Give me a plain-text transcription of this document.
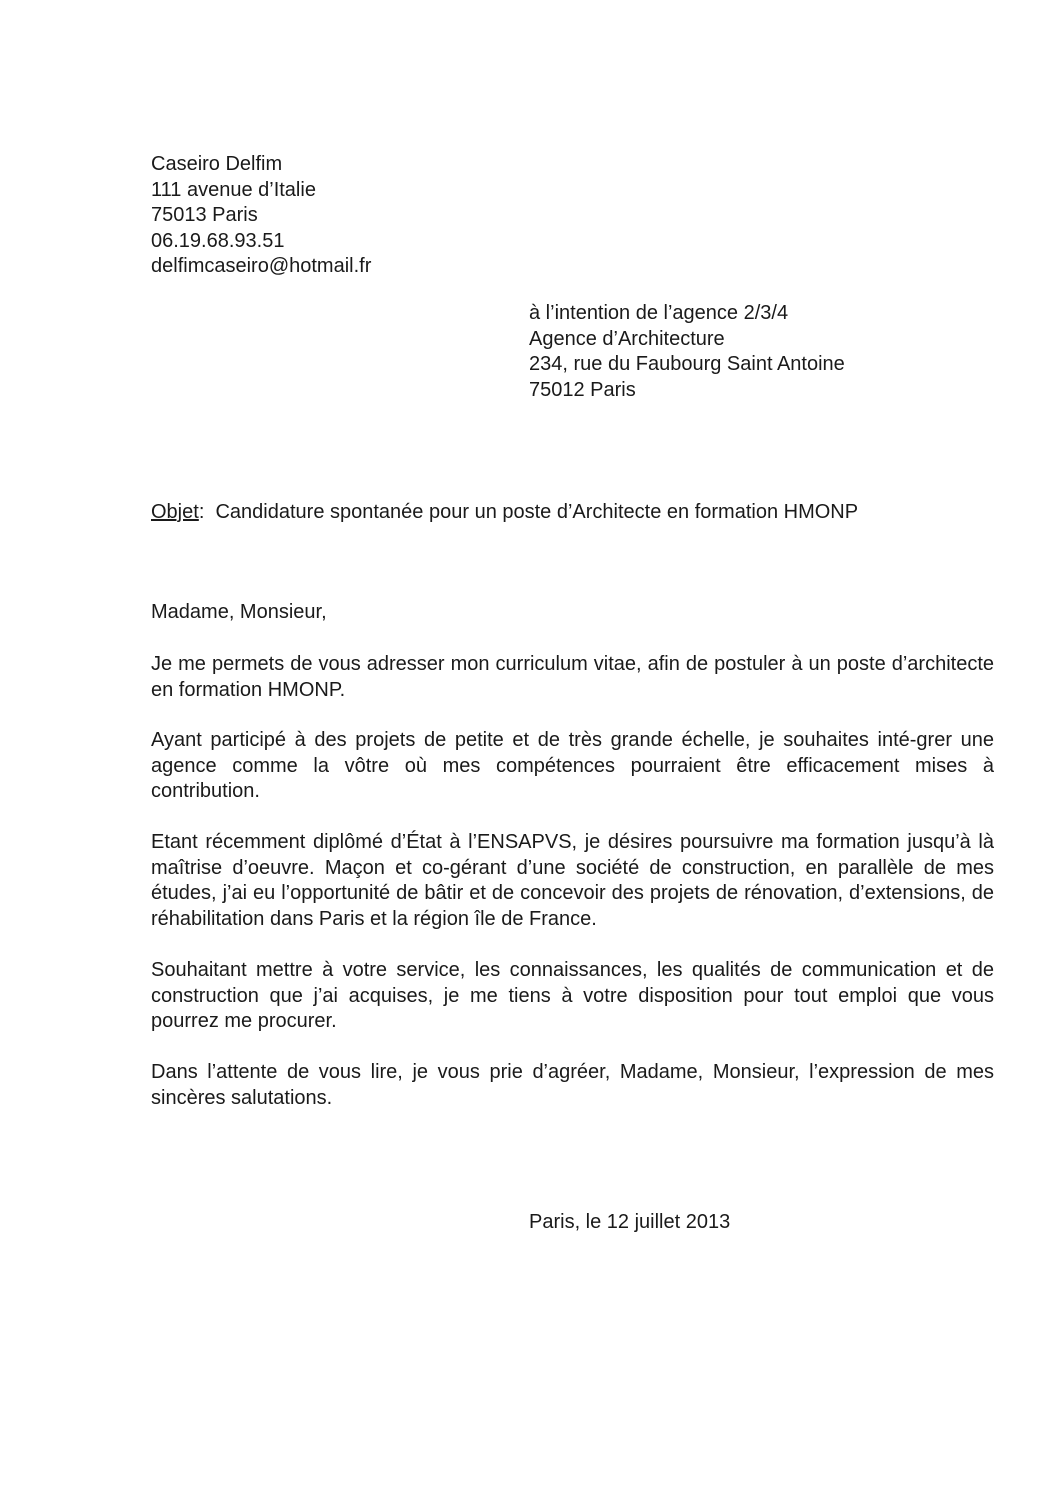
Caseiro Delfim
111 avenue d’Italie
75013 Paris
06.19.68.93.51
delfimcaseiro@hotmail.fr
à l’intention de l’agence 2/3/4
Agence d’Architecture
234, rue du Faubourg Saint Antoine
75012 Paris
Objet:  Candidature spontanée pour un poste d’Architecte en formation HMONP
Madame, Monsieur,
Je me permets de vous adresser mon curriculum vitae, afin de postuler à un poste d’architecte en formation HMONP.
Ayant participé à des projets de petite et de très grande échelle, je souhaites inté-grer une agence comme la vôtre où mes compétences pourraient être efficacement mises à contribution.
Etant récemment diplômé d’État à l’ENSAPVS, je désires poursuivre ma formation jusqu’à là maîtrise d’oeuvre. Maçon et co-gérant d’une société de construction, en parallèle de mes études, j’ai eu l’opportunité de bâtir et de concevoir des projets de rénovation, d’extensions, de réhabilitation dans Paris et la région île de France.
Souhaitant mettre à votre service, les connaissances, les qualités de communication et de construction que j’ai acquises, je me tiens à votre disposition pour tout emploi que vous pourrez me procurer.
Dans l’attente de vous lire, je vous prie d’agréer, Madame, Monsieur, l’expression de mes sincères salutations.
Paris, le 12 juillet 2013
